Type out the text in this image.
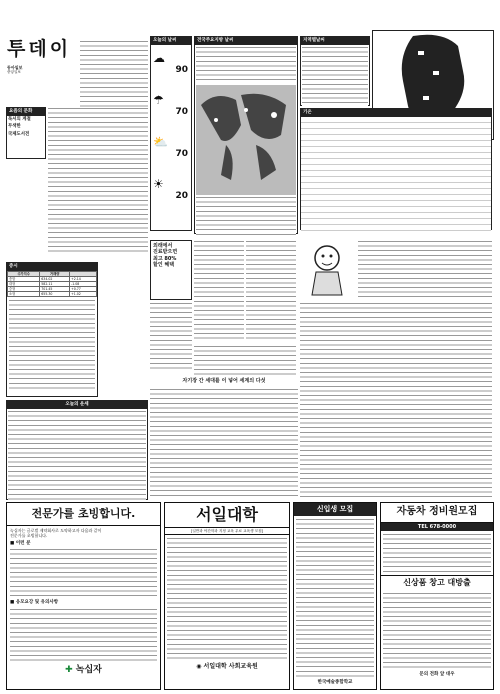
투데이
동아일보
중앙일보
요즘의 문화
독서의 계절
무색한
국제도서전
오늘의 날씨
☁
90
☂
70
⛅
70
☀
20
전국주요지방 날씨	지역별날씨
기온
증시
주가지수	거래량	
종합	634.02	+2.14
대형	582.11	-1.08
중형	701.45	+0.77
소형	655.30	+1.02
오늘의 운세
외래에서
진료받으면
최고 80%
할인 혜택
자기장 간 세대를 이 넣어 세계의 다섯
전문가를 초빙합니다.
녹십자는 글로벌 제약회사로 도약하고자 다음과 같이
전문가를 초빙합니다.
■ 이런 분
■ 응모요강 및 유의사항
✚ 녹십자
서일대학
[일반과 야간학과 지정 교육 무료 교육생 모집]
◉ 서일대학 사회교육원
신입생 모집
한국예술종합학교
자동차 정비원모집
TEL 678-0000
신상품 창고 대방출
문의 전화 앞 대우
